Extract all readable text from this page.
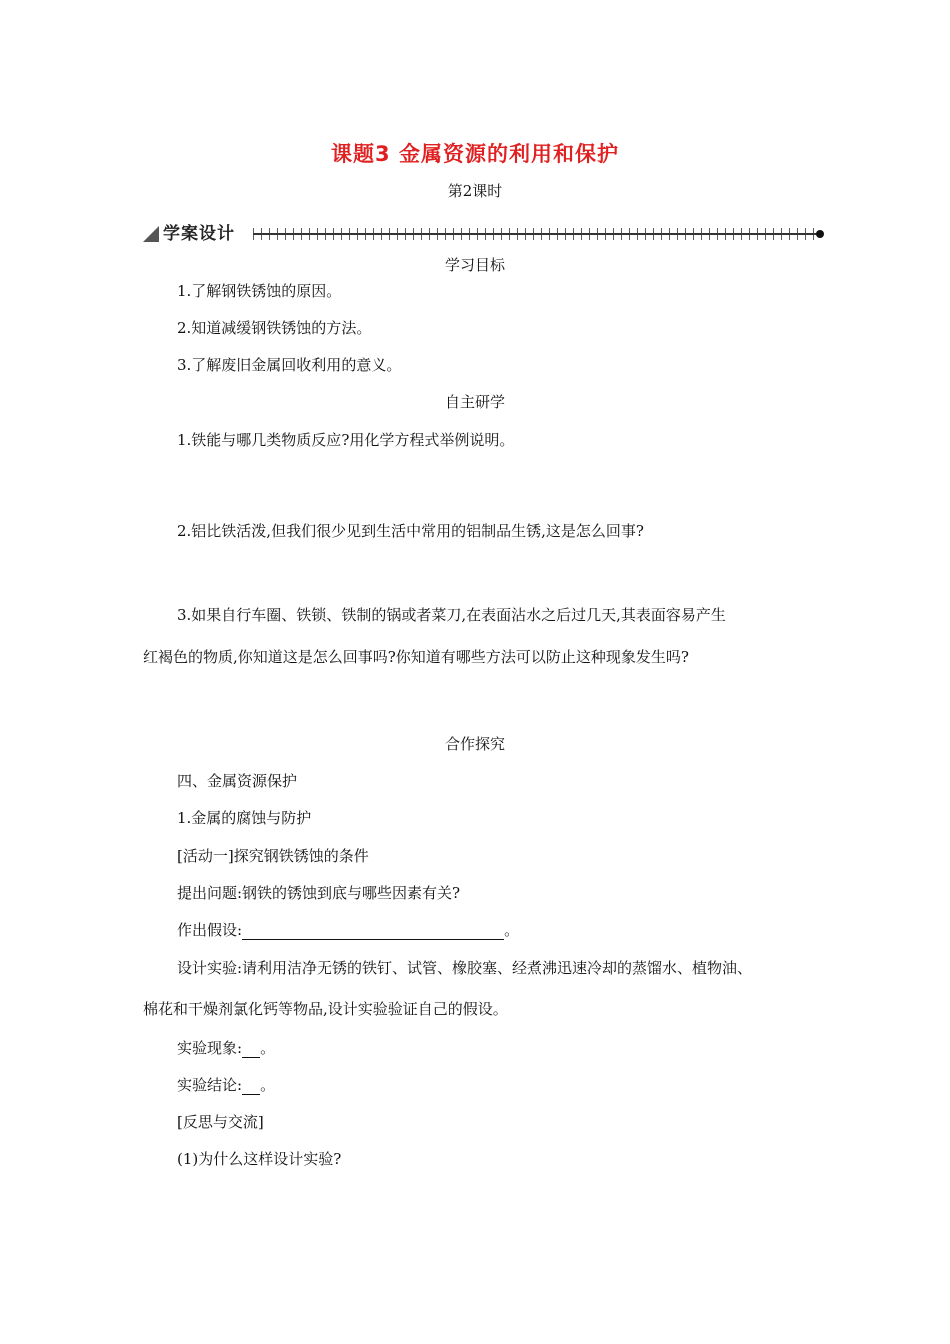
课题3 金属资源的利用和保护
第2课时
学案设计
学习目标
1.了解钢铁锈蚀的原因。
2.知道减缓钢铁锈蚀的方法。
3.了解废旧金属回收利用的意义。
自主研学
1.铁能与哪几类物质反应?用化学方程式举例说明。
2.铝比铁活泼,但我们很少见到生活中常用的铝制品生锈,这是怎么回事?
3.如果自行车圈、铁锁、铁制的锅或者菜刀,在表面沾水之后过几天,其表面容易产生
红褐色的物质,你知道这是怎么回事吗?你知道有哪些方法可以防止这种现象发生吗?
合作探究
四、金属资源保护
1.金属的腐蚀与防护
[活动一]探究钢铁锈蚀的条件
提出问题:钢铁的锈蚀到底与哪些因素有关?
作出假设:	。
设计实验:请利用洁净无锈的铁钉、试管、橡胶塞、经煮沸迅速冷却的蒸馏水、植物油、
棉花和干燥剂氯化钙等物品,设计实验验证自己的假设。
实验现象: 。
实验结论: 。
[反思与交流]
(1)为什么这样设计实验?
